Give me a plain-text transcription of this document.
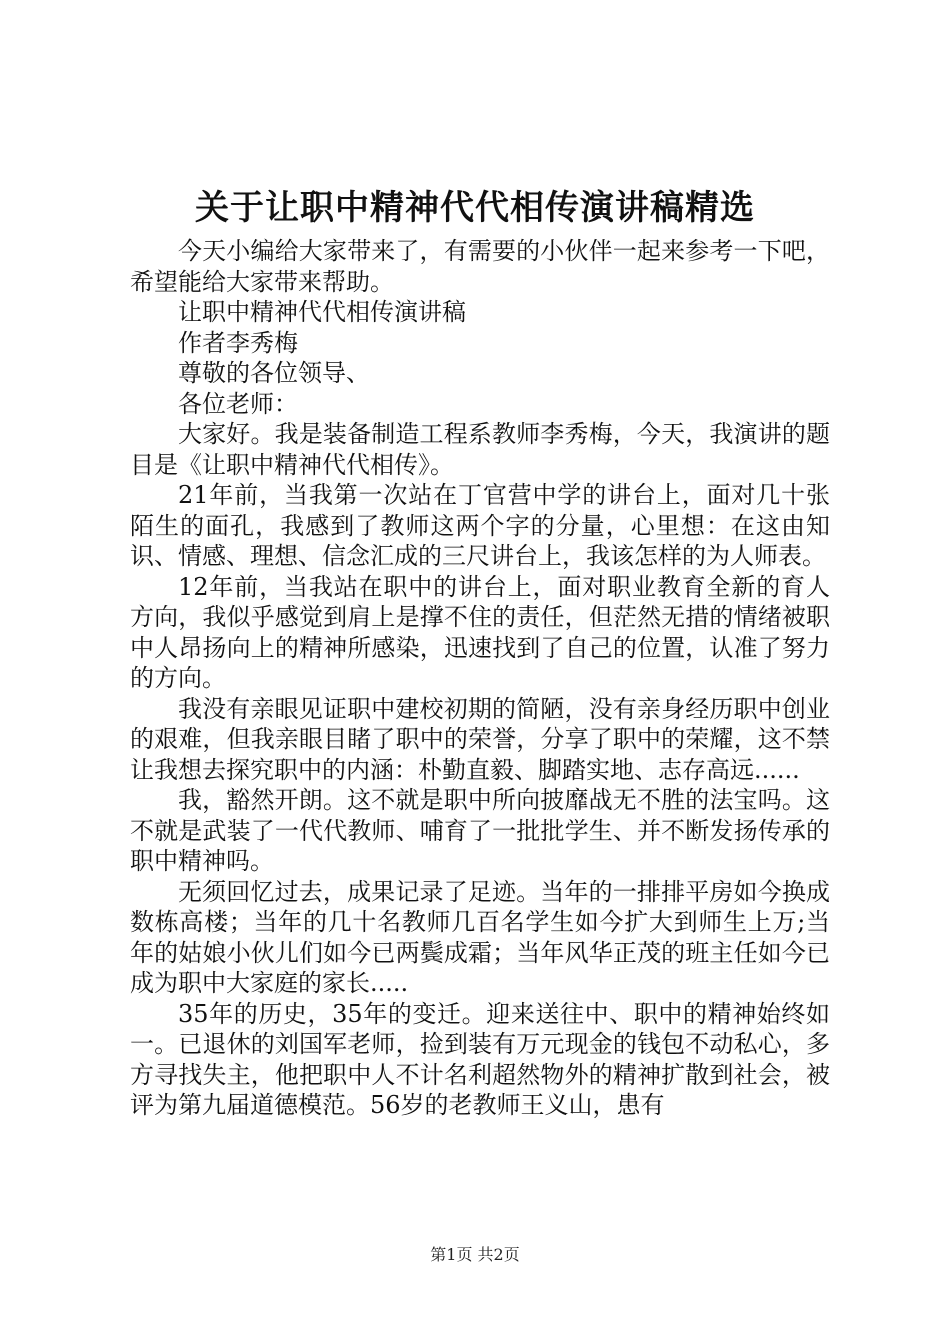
关于让职中精神代代相传演讲稿精选

今天小编给大家带来了，有需要的小伙伴一起来参考一下吧，希望能给大家带来帮助。

让职中精神代代相传演讲稿

作者李秀梅

尊敬的各位领导、

各位老师：

大家好。我是装备制造工程系教师李秀梅，今天，我演讲的题目是《让职中精神代代相传》。

21年前，当我第一次站在丁官营中学的讲台上，面对几十张陌生的面孔，我感到了教师这两个字的分量，心里想：在这由知识、情感、理想、信念汇成的三尺讲台上，我该怎样的为人师表。

12年前，当我站在职中的讲台上，面对职业教育全新的育人方向，我似乎感觉到肩上是撑不住的责任，但茫然无措的情绪被职中人昂扬向上的精神所感染，迅速找到了自己的位置，认准了努力的方向。

我没有亲眼见证职中建校初期的简陋，没有亲身经历职中创业的艰难，但我亲眼目睹了职中的荣誉，分享了职中的荣耀，这不禁让我想去探究职中的内涵：朴勤直毅、脚踏实地、志存高远......

我，豁然开朗。这不就是职中所向披靡战无不胜的法宝吗。这不就是武装了一代代教师、哺育了一批批学生、并不断发扬传承的职中精神吗。

无须回忆过去，成果记录了足迹。当年的一排排平房如今换成数栋高楼；当年的几十名教师几百名学生如今扩大到师生上万;当年的姑娘小伙儿们如今已两鬓成霜；当年风华正茂的班主任如今已成为职中大家庭的家长.....

35年的历史，35年的变迁。迎来送往中、职中的精神始终如一。已退休的刘国军老师，捡到装有万元现金的钱包不动私心，多方寻找失主，他把职中人不计名利超然物外的精神扩散到社会，被评为第九届道德模范。56岁的老教师王义山，患有

第1页 共2页
